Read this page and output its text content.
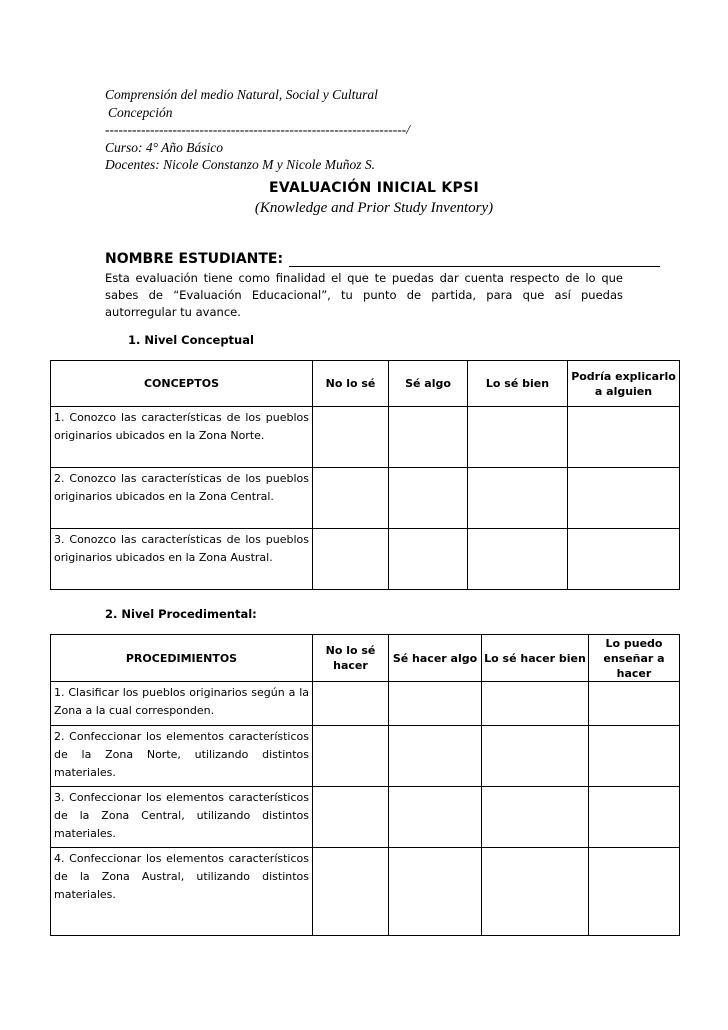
Comprensión del medio Natural, Social y Cultural
Concepción
-------------------------------------------------------------------/
Curso: 4° Año Básico
Docentes: Nicole Constanzo M y Nicole Muñoz S.
EVALUACIÓN INICIAL KPSI
(Knowledge and Prior Study Inventory)
NOMBRE ESTUDIANTE:
Esta evaluación tiene como finalidad el que te puedas dar cuenta respecto de lo que sabes de “Evaluación Educacional”, tu punto de partida, para que así puedas autorregular tu avance.
1. Nivel Conceptual
CONCEPTOS	No lo sé	Sé algo	Lo sé bien	Podría explicarlo a alguien
1. Conozco las características de los pueblos originarios ubicados en la Zona Norte.				
2. Conozco las características de los pueblos originarios ubicados en la Zona Central.				
3. Conozco las características de los pueblos originarios ubicados en la Zona Austral.				
2. Nivel Procedimental:
PROCEDIMIENTOS	No lo sé hacer	Sé hacer algo	Lo sé hacer bien	Lo puedo enseñar a hacer
1. Clasificar los pueblos originarios según a la Zona a la cual corresponden.				
2. Confeccionar los elementos característicos de la Zona Norte, utilizando distintos materiales.				
3. Confeccionar los elementos característicos de la Zona Central, utilizando distintos materiales.				
4. Confeccionar los elementos característicos de la Zona Austral, utilizando distintos materiales.				
